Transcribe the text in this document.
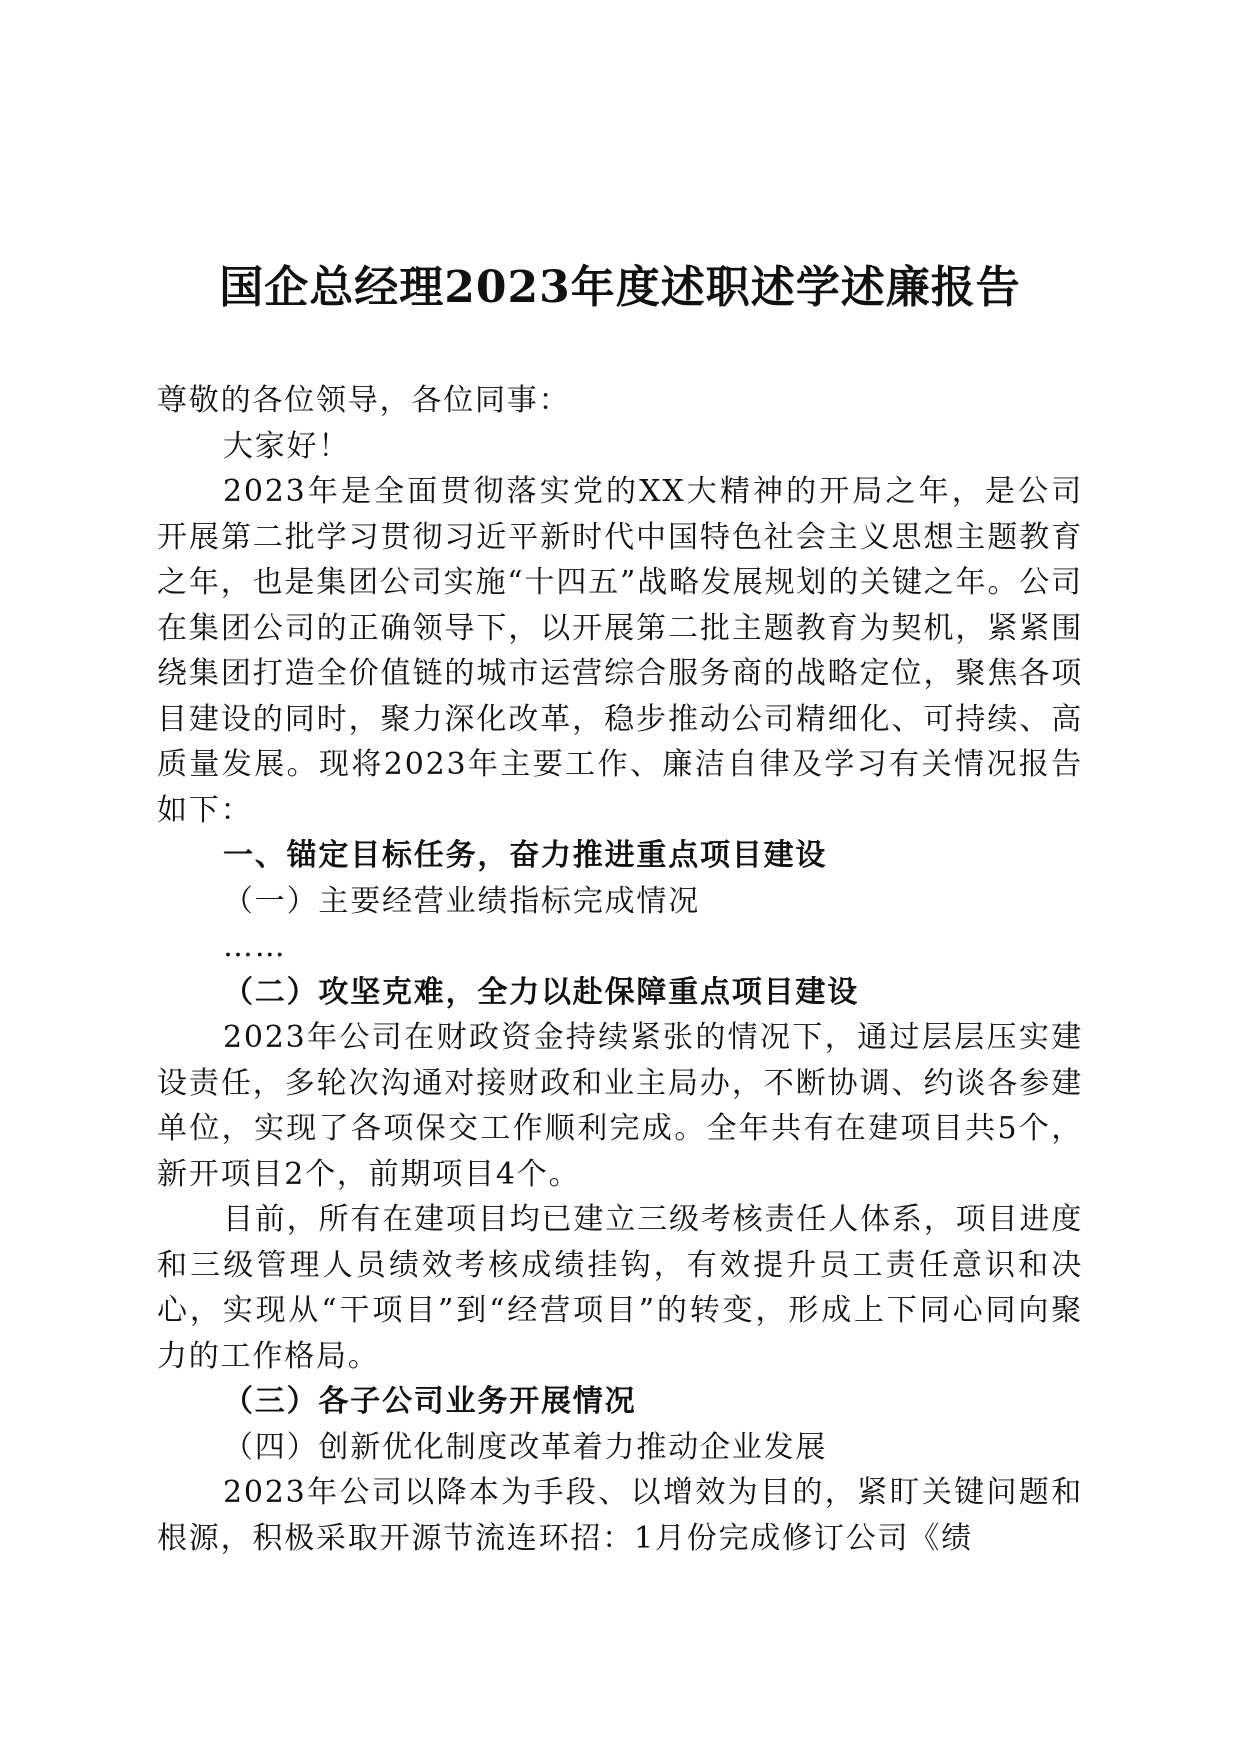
国企总经理2023年度述职述学述廉报告

尊敬的各位领导，各位同事：

大家好！

2023年是全面贯彻落实党的XX大精神的开局之年，是公司开展第二批学习贯彻习近平新时代中国特色社会主义思想主题教育之年，也是集团公司实施“十四五”战略发展规划的关键之年。公司在集团公司的正确领导下，以开展第二批主题教育为契机，紧紧围绕集团打造全价值链的城市运营综合服务商的战略定位，聚焦各项目建设的同时，聚力深化改革，稳步推动公司精细化、可持续、高质量发展。现将2023年主要工作、廉洁自律及学习有关情况报告如下：

一、锚定目标任务，奋力推进重点项目建设

（一）主要经营业绩指标完成情况

……

（二）攻坚克难，全力以赴保障重点项目建设

2023年公司在财政资金持续紧张的情况下，通过层层压实建设责任，多轮次沟通对接财政和业主局办，不断协调、约谈各参建单位，实现了各项保交工作顺利完成。全年共有在建项目共5个，新开项目2个，前期项目4个。

目前，所有在建项目均已建立三级考核责任人体系，项目进度和三级管理人员绩效考核成绩挂钩，有效提升员工责任意识和决心，实现从“干项目”到“经营项目”的转变，形成上下同心同向聚力的工作格局。

（三）各子公司业务开展情况

（四）创新优化制度改革着力推动企业发展

2023年公司以降本为手段、以增效为目的，紧盯关键问题和根源，积极采取开源节流连环招：1月份完成修订公司《绩
